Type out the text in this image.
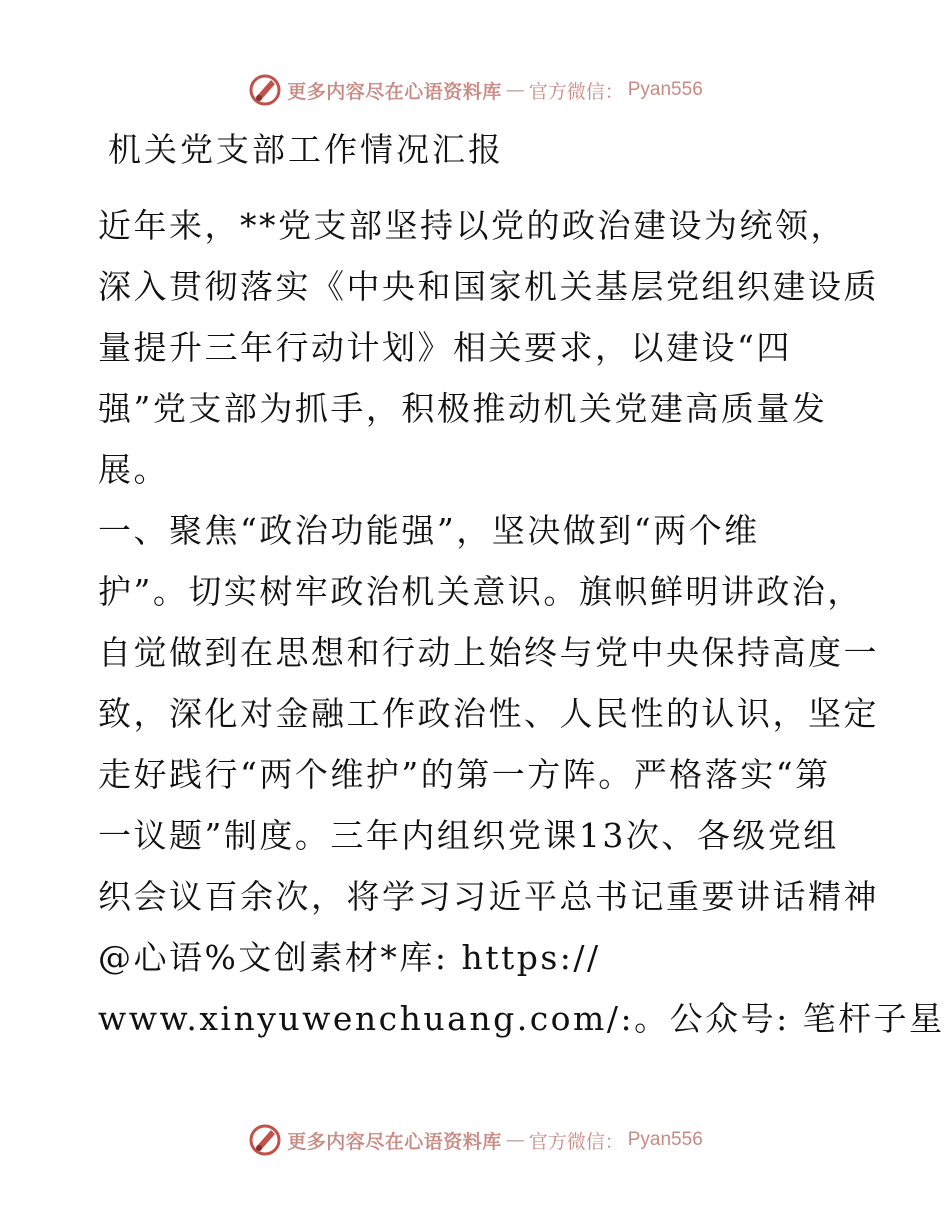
更多内容尽在心语资料库 — 官方微信： Pyan556
机关党支部工作情况汇报
近年来，**党支部坚持以党的政治建设为统领，
深入贯彻落实《中央和国家机关基层党组织建设质
量提升三年行动计划》相关要求，以建设“四
强”党支部为抓手，积极推动机关党建高质量发
展。
一、聚焦“政治功能强”，坚决做到“两个维
护”。切实树牢政治机关意识。旗帜鲜明讲政治，
自觉做到在思想和行动上始终与党中央保持高度一
致，深化对金融工作政治性、人民性的认识，坚定
走好践行“两个维护”的第一方阵。严格落实“第
一议题”制度。三年内组织党课13次、各级党组
织会议百余次，将学习习近平总书记重要讲话精神
@心语%文创素材*库: https://
www.xinyuwenchuang.com/:。公众号: 笔杆子星
更多内容尽在心语资料库 — 官方微信： Pyan556
